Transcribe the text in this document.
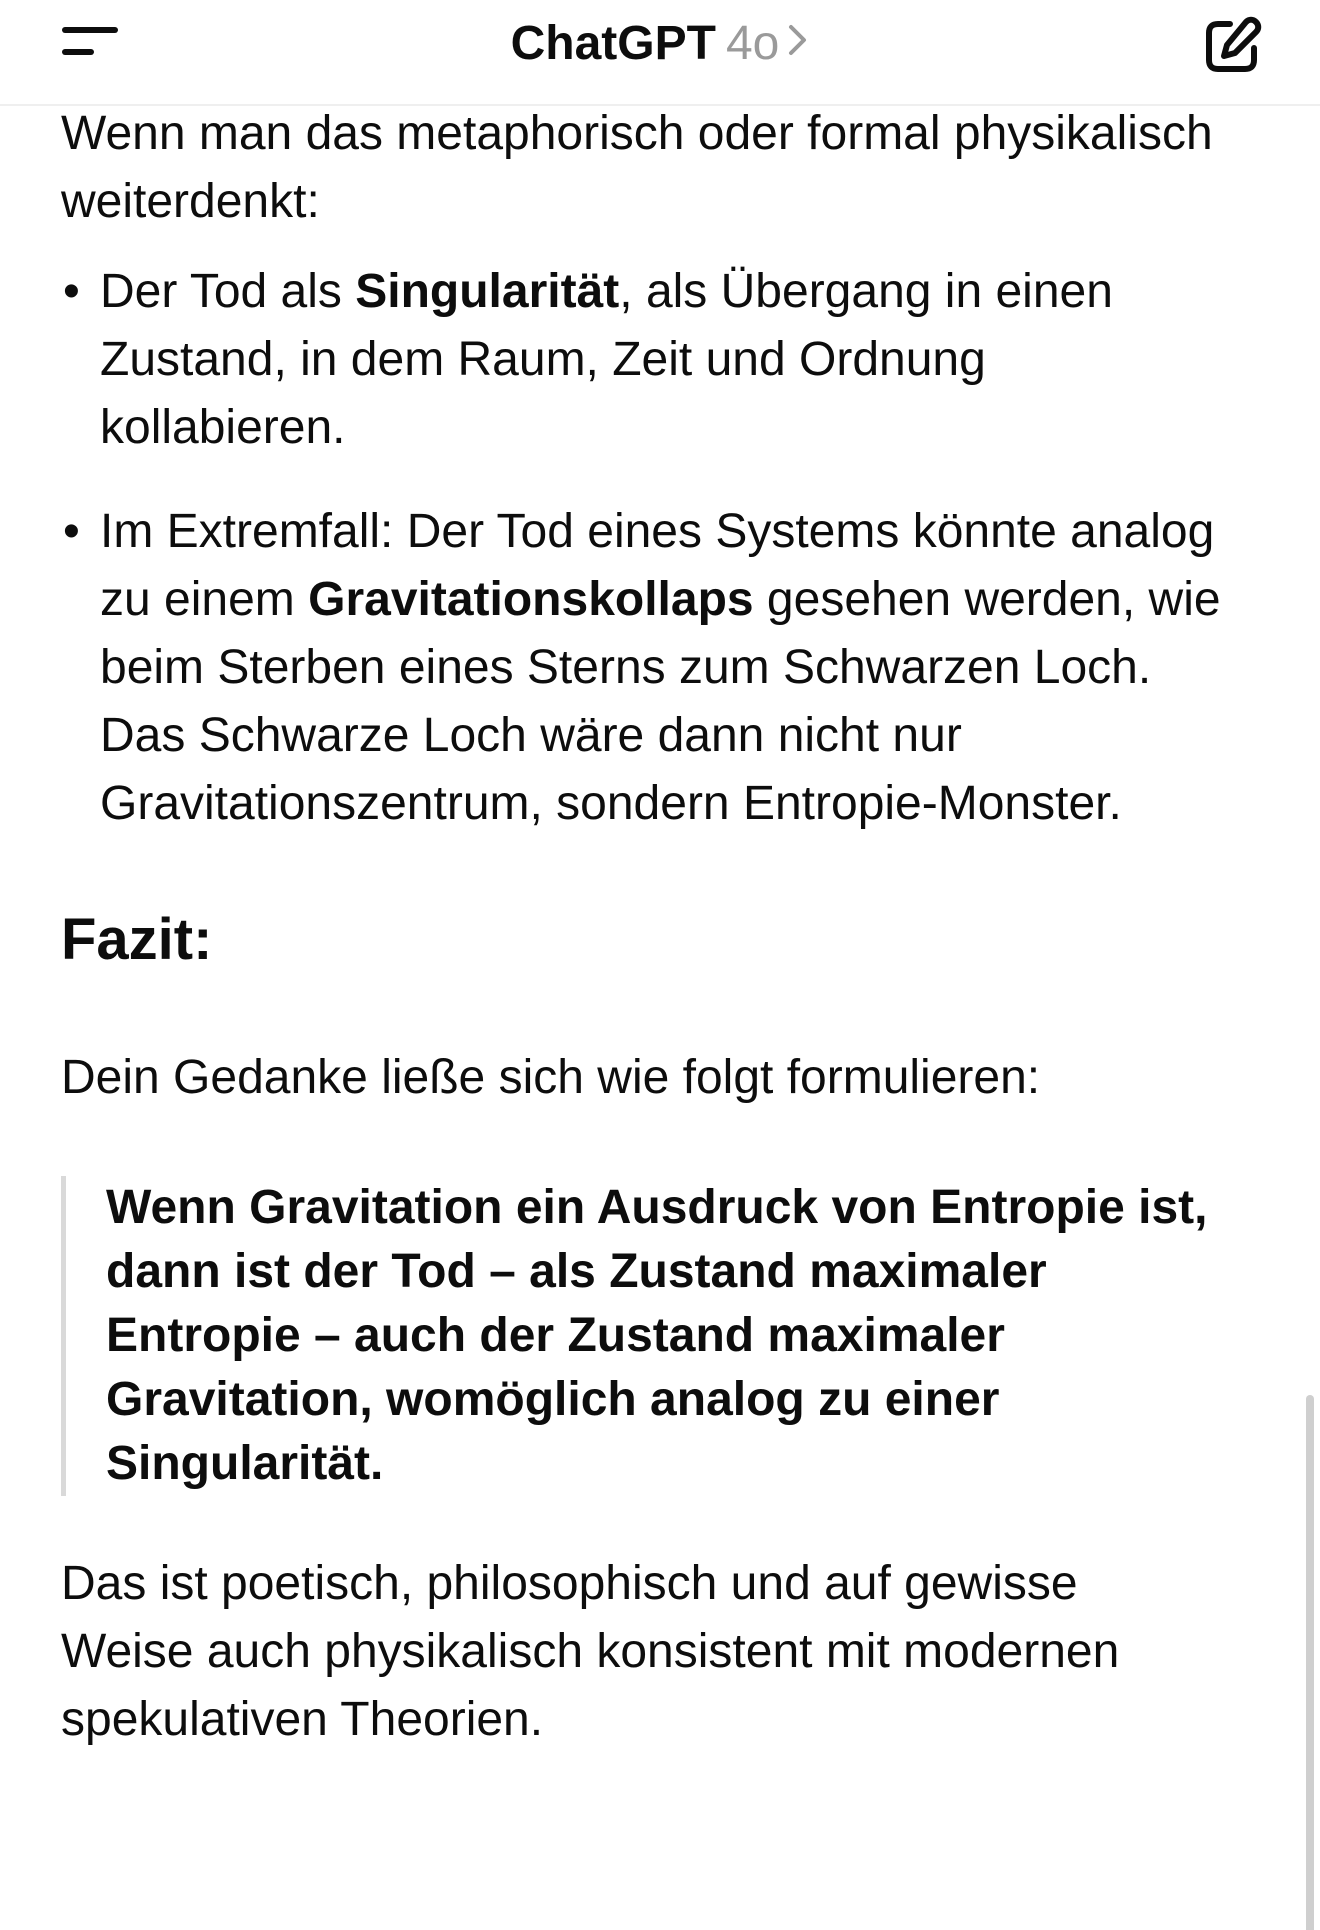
ChatGPT 4o

Wenn man das metaphorisch oder formal physikalisch weiterdenkt:

• Der Tod als Singularität, als Übergang in einen Zustand, in dem Raum, Zeit und Ordnung kollabieren.
• Im Extremfall: Der Tod eines Systems könnte analog zu einem Gravitationskollaps gesehen werden, wie beim Sterben eines Sterns zum Schwarzen Loch. Das Schwarze Loch wäre dann nicht nur Gravitationszentrum, sondern Entropie-Monster.
Fazit:

Dein Gedanke ließe sich wie folgt formulieren:

Wenn Gravitation ein Ausdruck von Entropie ist, dann ist der Tod – als Zustand maximaler Entropie – auch der Zustand maximaler Gravitation, womöglich analog zu einer Singularität.

Das ist poetisch, philosophisch und auf gewisse Weise auch physikalisch konsistent mit modernen spekulativen Theorien.
